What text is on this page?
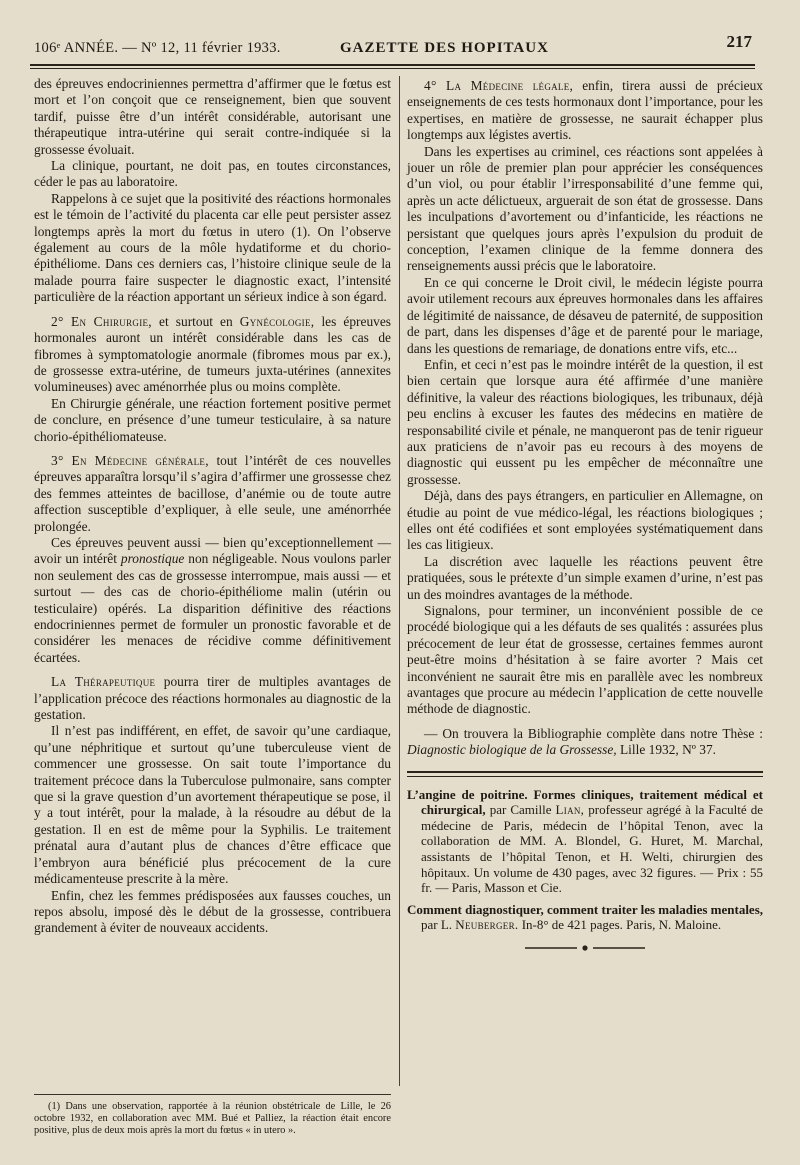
106ᵉ ANNÉE. — Nº 12, 11 février 1933.	GAZETTE DES HOPITAUX	217

des épreuves endocriniennes permettra d’affirmer que le fœtus est mort et l’on conçoit que ce renseignement, bien que souvent tardif, puisse être d’un intérêt considérable, autorisant une thérapeutique intra-utérine qui serait contre-indiquée si la grossesse évoluait.

La clinique, pourtant, ne doit pas, en toutes circonstances, céder le pas au laboratoire.

Rappelons à ce sujet que la positivité des réactions hormonales est le témoin de l’activité du placenta car elle peut persister assez longtemps après la mort du fœtus in utero (1). On l’observe également au cours de la môle hydatiforme et du chorio-épithéliome. Dans ces derniers cas, l’histoire clinique seule de la malade pourra faire suspecter le diagnostic exact, l’intensité particulière de la réaction apportant un sérieux indice à son égard.

2° En Chirurgie, et surtout en Gynécologie, les épreuves hormonales auront un intérêt considérable dans les cas de fibromes à symptomatologie anormale (fibromes mous par ex.), de grossesse extra-utérine, de tumeurs juxta-utérines (annexites volumineuses) avec aménorrhée plus ou moins complète.

En Chirurgie générale, une réaction fortement positive permet de conclure, en présence d’une tumeur testiculaire, à sa nature chorio-épithéliomateuse.

3° En Médecine générale, tout l’intérêt de ces nouvelles épreuves apparaîtra lorsqu’il s’agira d’affirmer une grossesse chez des femmes atteintes de bacillose, d’anémie ou de toute autre affection susceptible d’expliquer, à elle seule, une aménorrhée prolongée.

Ces épreuves peuvent aussi — bien qu’exceptionnellement — avoir un intérêt pronostique non négligeable. Nous voulons parler non seulement des cas de grossesse interrompue, mais aussi — et surtout — des cas de chorio-épithéliome malin (utérin ou testiculaire) opérés. La disparition définitive des réactions endocriniennes permet de formuler un pronostic favorable et de considérer les menaces de récidive comme définitivement écartées.

La Thérapeutique pourra tirer de multiples avantages de l’application précoce des réactions hormonales au diagnostic de la gestation.

Il n’est pas indifférent, en effet, de savoir qu’une cardiaque, qu’une néphritique et surtout qu’une tuberculeuse vient de commencer une grossesse. On sait toute l’importance du traitement précoce dans la Tuberculose pulmonaire, sans compter que si la grave question d’un avortement thérapeutique se pose, il y a tout intérêt, pour la malade, à la résoudre au début de la gestation. Il en est de même pour la Syphilis. Le traitement prénatal aura d’autant plus de chances d’être efficace que l’embryon aura bénéficié plus précocement de la cure médicamenteuse prescrite à la mère.

Enfin, chez les femmes prédisposées aux fausses couches, un repos absolu, imposé dès le début de la grossesse, contribuera grandement à éviter de nouveaux accidents.

(1) Dans une observation, rapportée à la réunion obstétricale de Lille, le 26 octobre 1932, en collaboration avec MM. Bué et Palliez, la réaction était encore positive, plus de deux mois après la mort du fœtus « in utero ».

4° La Médecine légale, enfin, tirera aussi de précieux enseignements de ces tests hormonaux dont l’importance, pour les expertises, en matière de grossesse, ne saurait échapper plus longtemps aux légistes avertis.

Dans les expertises au criminel, ces réactions sont appelées à jouer un rôle de premier plan pour apprécier les conséquences d’un viol, ou pour établir l’irresponsabilité d’une femme qui, après un acte délictueux, arguerait de son état de grossesse. Dans les inculpations d’avortement ou d’infanticide, les réactions ne persistant que quelques jours après l’expulsion du produit de conception, l’examen clinique de la femme donnera des renseignements aussi précis que le laboratoire.

En ce qui concerne le Droit civil, le médecin légiste pourra avoir utilement recours aux épreuves hormonales dans les affaires de légitimité de naissance, de désaveu de paternité, de supposition de part, dans les dispenses d’âge et de parenté pour le mariage, dans les questions de remariage, de donations entre vifs, etc...

Enfin, et ceci n’est pas le moindre intérêt de la question, il est bien certain que lorsque aura été affirmée d’une manière définitive, la valeur des réactions biologiques, les tribunaux, déjà peu enclins à excuser les fautes des médecins en matière de responsabilité civile et pénale, ne manqueront pas de tenir rigueur aux praticiens de n’avoir pas eu recours à des moyens de diagnostic qui eussent pu les empêcher de méconnaître une grossesse.

Déjà, dans des pays étrangers, en particulier en Allemagne, on étudie au point de vue médico-légal, les réactions biologiques ; elles ont été codifiées et sont employées systématiquement dans les cas litigieux.

La discrétion avec laquelle les réactions peuvent être pratiquées, sous le prétexte d’un simple examen d’urine, n’est pas un des moindres avantages de la méthode.

Signalons, pour terminer, un inconvénient possible de ce procédé biologique qui a les défauts de ses qualités : assurées plus précocement de leur état de grossesse, certaines femmes auront peut-être moins d’hésitation à se faire avorter ? Mais cet inconvénient ne saurait être mis en parallèle avec les nombreux avantages que procure au médecin l’application de cette nouvelle méthode de diagnostic.

— On trouvera la Bibliographie complète dans notre Thèse : Diagnostic biologique de la Grossesse, Lille 1932, Nº 37.

L’angine de poitrine. Formes cliniques, traitement médical et chirurgical, par Camille Lian, professeur agrégé à la Faculté de médecine de Paris, médecin de l’hôpital Tenon, avec la collaboration de MM. A. Blondel, G. Huret, M. Marchal, assistants de l’hôpital Tenon, et H. Welti, chirurgien des hôpitaux. Un volume de 430 pages, avec 32 figures. — Prix : 55 fr. — Paris, Masson et Cie.

Comment diagnostiquer, comment traiter les maladies mentales, par L. Neuberger. In-8° de 421 pages. Paris, N. Maloine.
